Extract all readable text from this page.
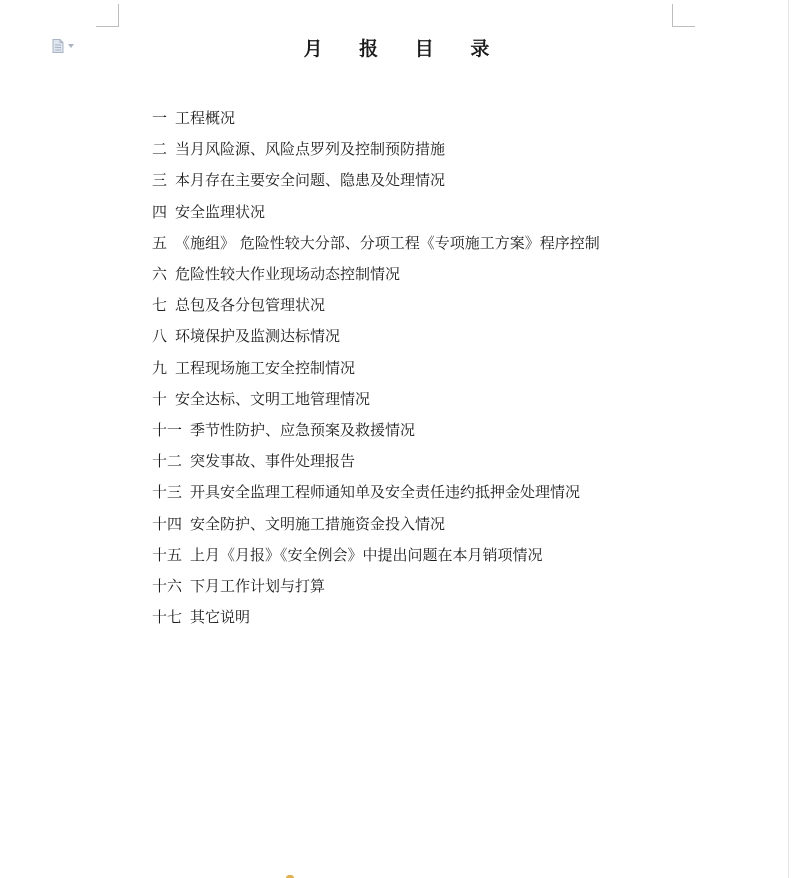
月 报 目 录
一 工程概况
二 当月风险源、风险点罗列及控制预防措施
三 本月存在主要安全问题、隐患及处理情况
四 安全监理状况
五 《施组》 危险性较大分部、分项工程《专项施工方案》程序控制
六 危险性较大作业现场动态控制情况
七 总包及各分包管理状况
八 环境保护及监测达标情况
九 工程现场施工安全控制情况
十 安全达标、文明工地管理情况
十一 季节性防护、应急预案及救援情况
十二 突发事故、事件处理报告
十三 开具安全监理工程师通知单及安全责任违约抵押金处理情况
十四 安全防护、文明施工措施资金投入情况
十五 上月《月报》《安全例会》中提出问题在本月销项情况
十六 下月工作计划与打算
十七 其它说明
